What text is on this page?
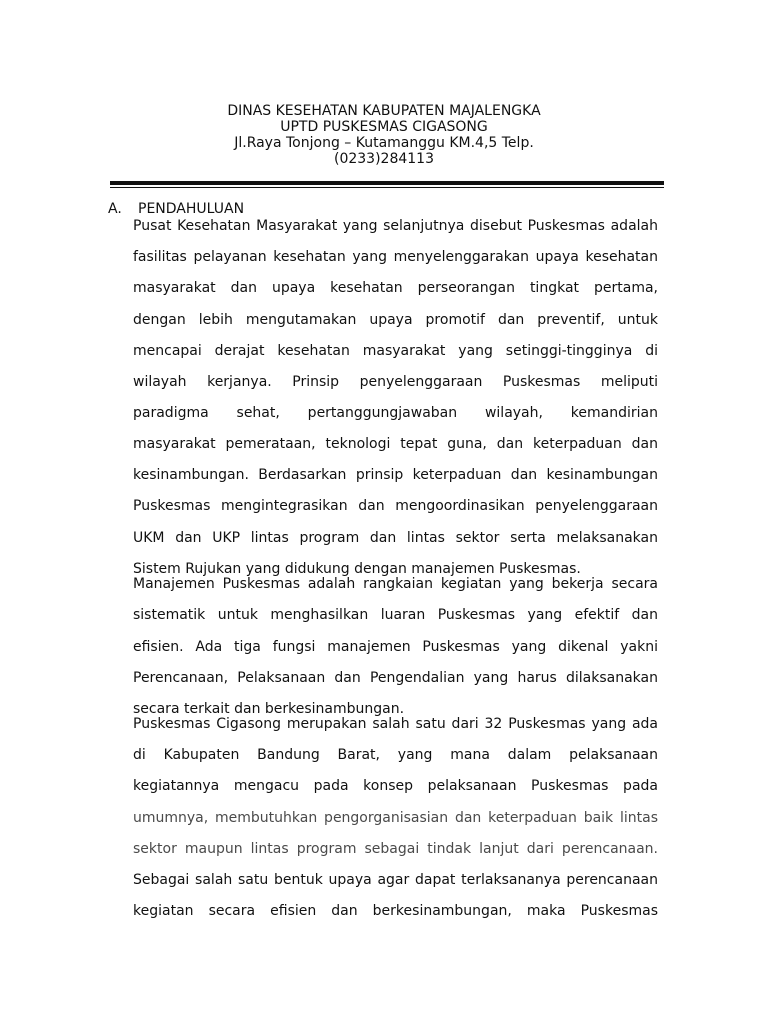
DINAS KESEHATAN KABUPATEN MAJALENGKA
UPTD PUSKESMAS CIGASONG
Jl.Raya Tonjong – Kutamanggu KM.4,5 Telp.
(0233)284113
A. PENDAHULUAN
Pusat Kesehatan Masyarakat yang selanjutnya disebut Puskesmas adalah
fasilitas pelayanan kesehatan yang menyelenggarakan upaya kesehatan
masyarakat dan upaya kesehatan perseorangan tingkat pertama,
dengan lebih mengutamakan upaya promotif dan preventif, untuk
mencapai derajat kesehatan masyarakat yang setinggi-tingginya di
wilayah kerjanya. Prinsip penyelenggaraan Puskesmas meliputi
paradigma sehat, pertanggungjawaban wilayah, kemandirian
masyarakat pemerataan, teknologi tepat guna, dan keterpaduan dan
kesinambungan. Berdasarkan prinsip keterpaduan dan kesinambungan
Puskesmas mengintegrasikan dan mengoordinasikan penyelenggaraan
UKM dan UKP lintas program dan lintas sektor serta melaksanakan
Sistem Rujukan yang didukung dengan manajemen Puskesmas.
Manajemen Puskesmas adalah rangkaian kegiatan yang bekerja secara
sistematik untuk menghasilkan luaran Puskesmas yang efektif dan
efisien. Ada tiga fungsi manajemen Puskesmas yang dikenal yakni
Perencanaan, Pelaksanaan dan Pengendalian yang harus dilaksanakan
secara terkait dan berkesinambungan.
Puskesmas Cigasong merupakan salah satu dari 32 Puskesmas yang ada
di Kabupaten Bandung Barat, yang mana dalam pelaksanaan
kegiatannya mengacu pada konsep pelaksanaan Puskesmas pada
umumnya, membutuhkan pengorganisasian dan keterpaduan baik lintas
sektor maupun lintas program sebagai tindak lanjut dari perencanaan.
Sebagai salah satu bentuk upaya agar dapat terlaksananya perencanaan
kegiatan secara efisien dan berkesinambungan, maka Puskesmas
